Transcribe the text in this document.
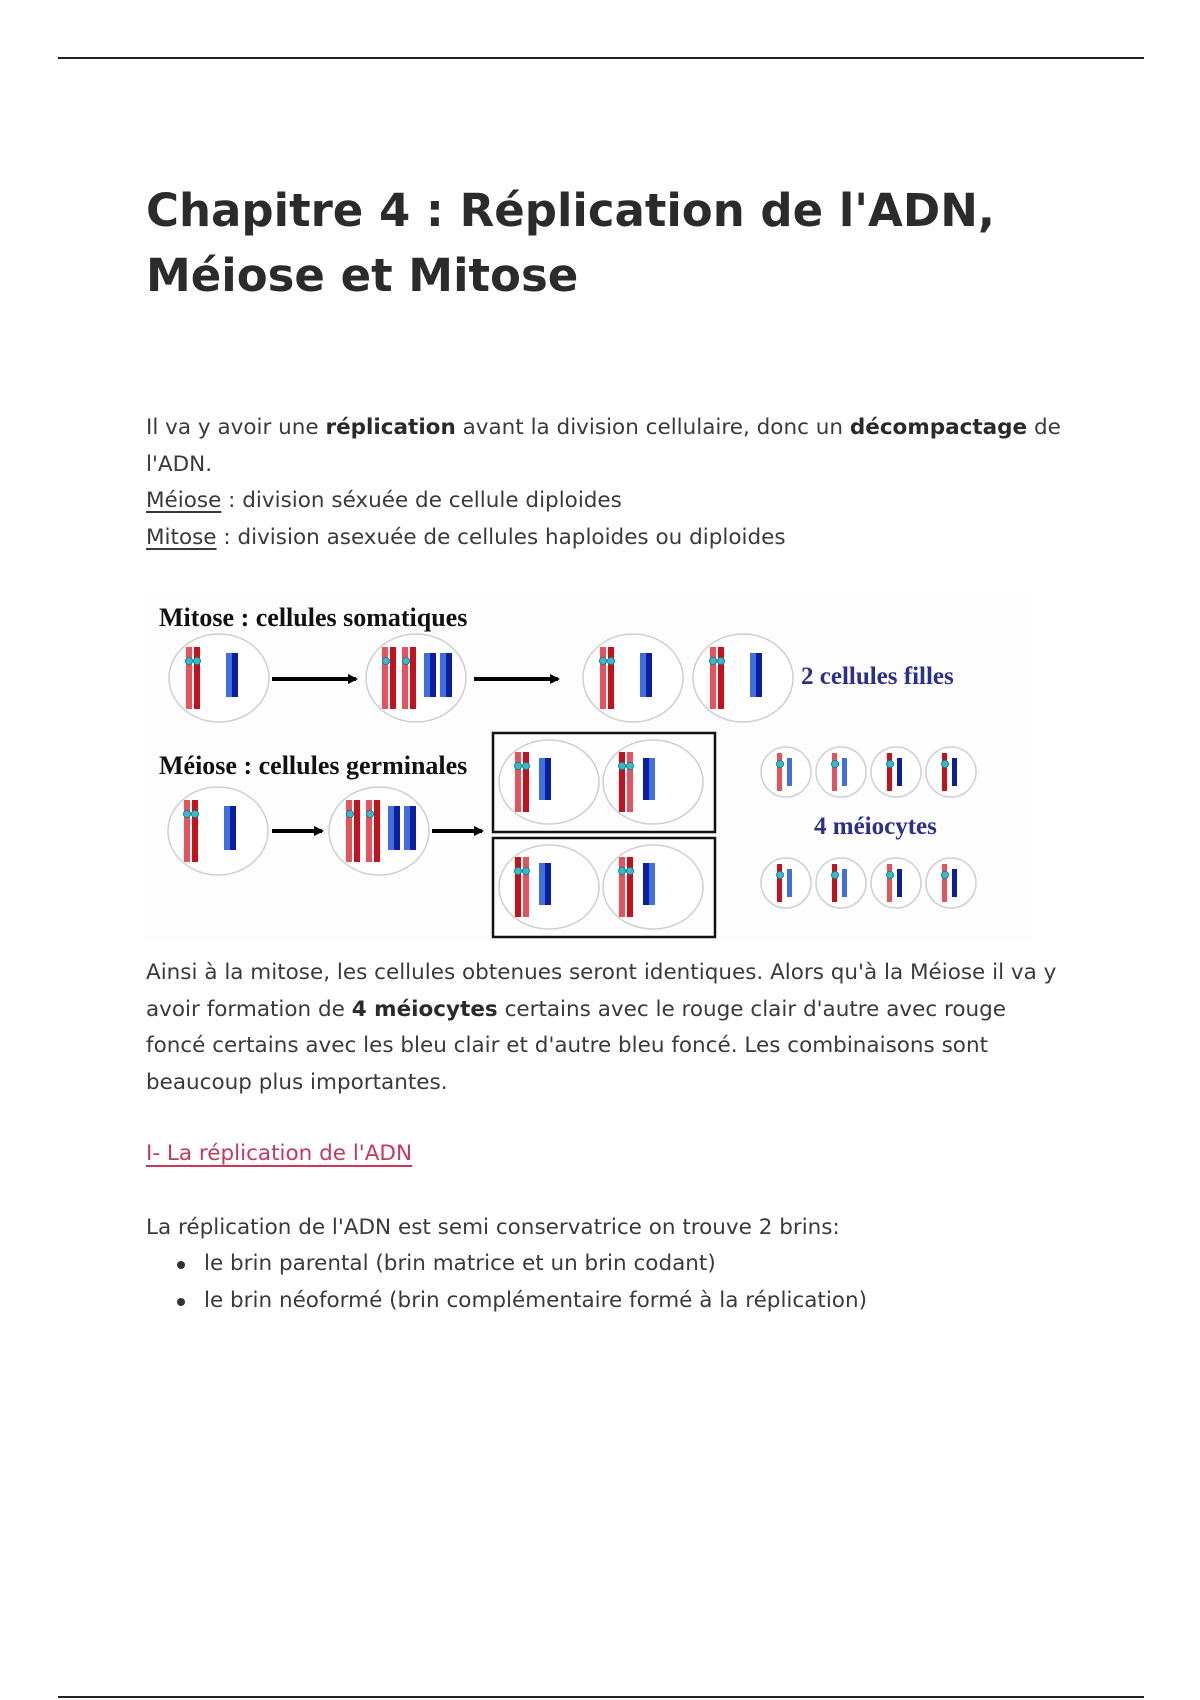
Chapitre 4 : Réplication de l'ADN,
Méiose et Mitose

Il va y avoir une réplication avant la division cellulaire, donc un décompactage de l'ADN.
Méiose : division séxuée de cellule diploides
Mitose : division asexuée de cellules haploides ou diploides

Mitose : cellules somatiques
Méiose : cellules germinales
2 cellules filles
4 méiocytes

Ainsi à la mitose, les cellules obtenues seront identiques. Alors qu'à la Méiose il va y avoir formation de 4 méiocytes certains avec le rouge clair d'autre avec rouge foncé certains avec les bleu clair et d'autre bleu foncé. Les combinaisons sont beaucoup plus importantes.

I- La réplication de l'ADN

La réplication de l'ADN est semi conservatrice on trouve 2 brins:

le brin parental (brin matrice et un brin codant)
le brin néoformé (brin complémentaire formé à la réplication)
